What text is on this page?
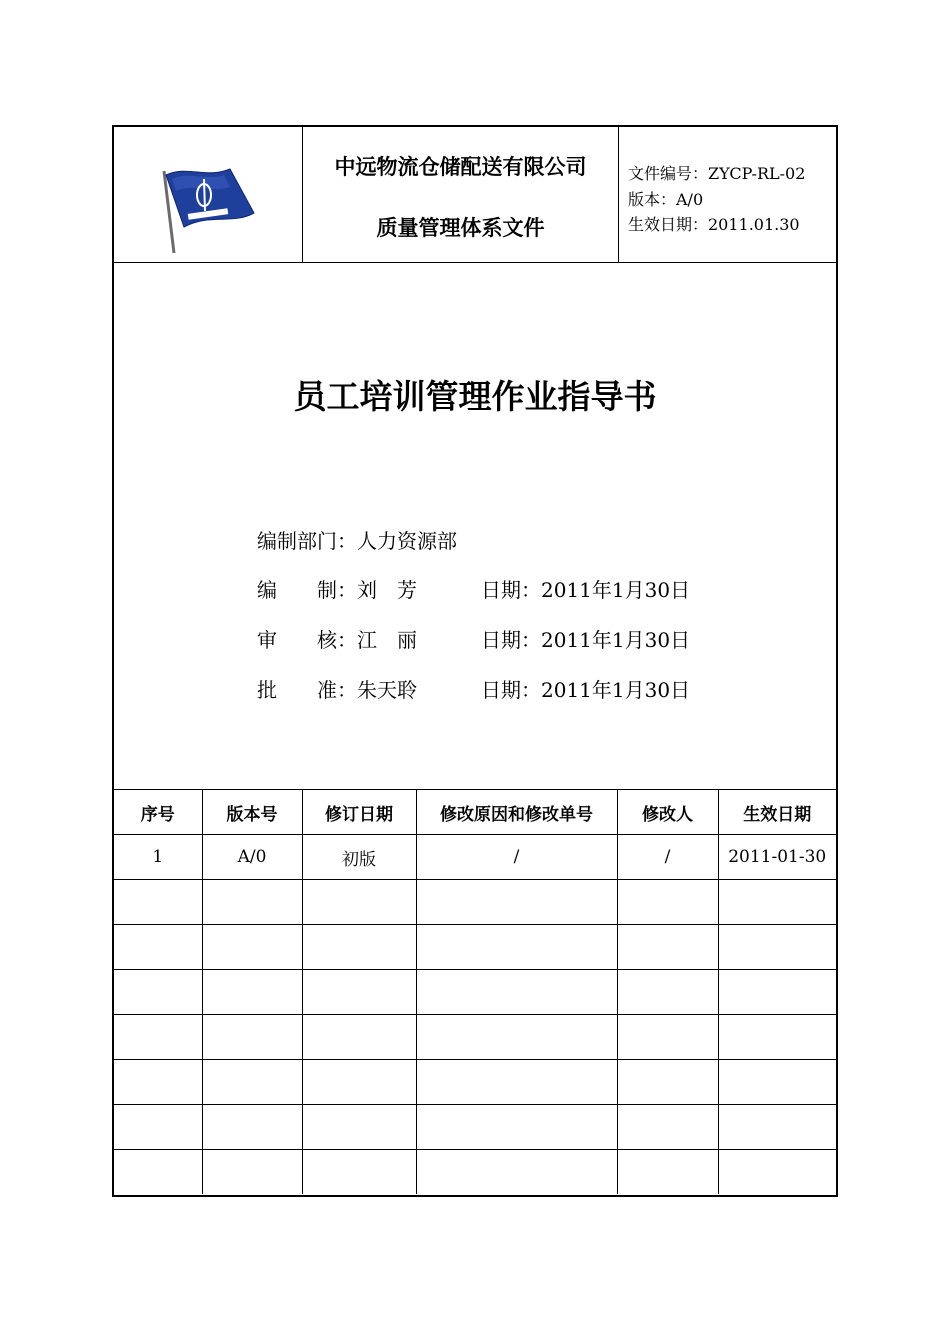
中远物流仓储配送有限公司
质量管理体系文件
文件编号：ZYCP-RL-02
版本：A/0
生效日期：2011.01.30
员工培训管理作业指导书
编制部门：人力资源部
编　　制：刘　芳	日期：2011年1月30日
审　　核：江　丽	日期：2011年1月30日
批　　准：朱天聆	日期：2011年1月30日
序号	版本号	修订日期	修改原因和修改单号	修改人	生效日期
1	A/0	初版	/	/	2011-01-30
